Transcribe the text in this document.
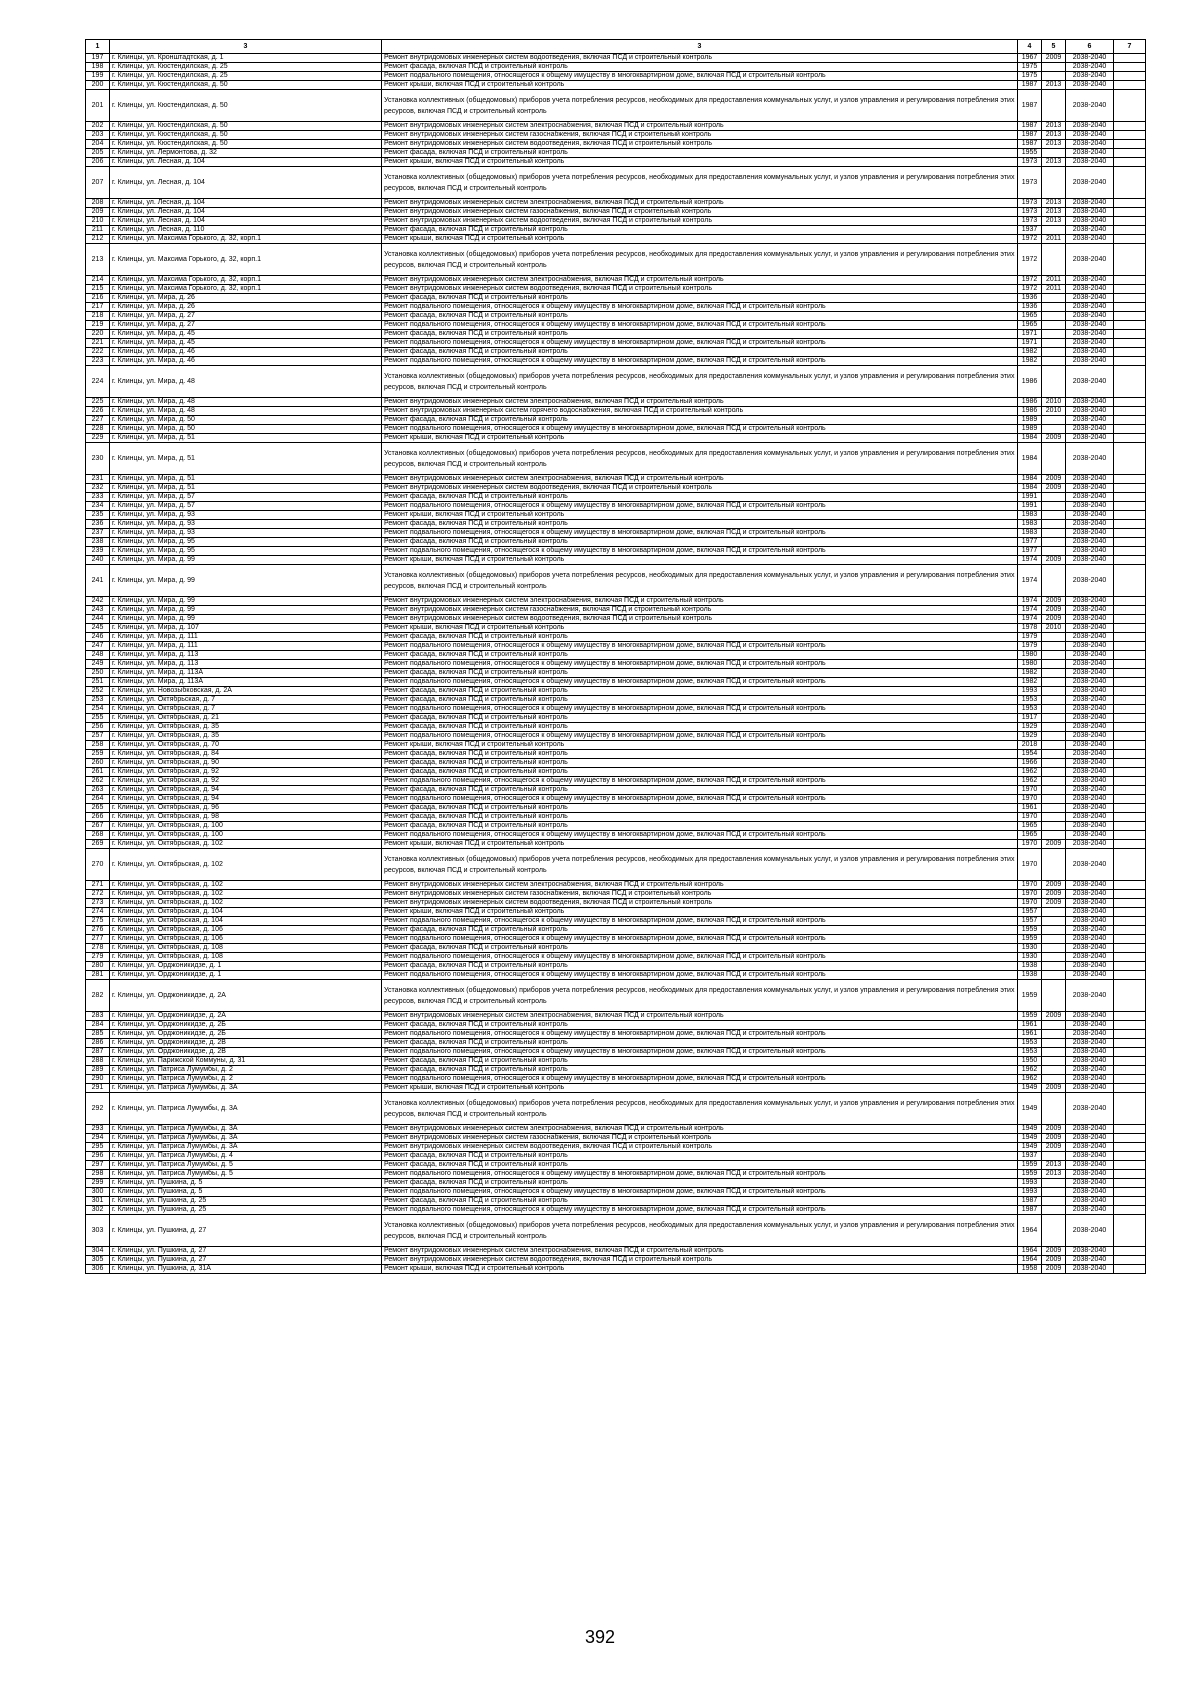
1	3	3	4	5	6	7
197	г. Клинцы, ул. Кронштадтская, д. 1	Ремонт внутридомовых инженерных систем водоотведения, включая ПСД и строительный контроль	1967	2009	2038-2040	
198	г. Клинцы, ул. Кюстендилская, д. 25	Ремонт фасада, включая ПСД и строительный контроль	1975		2038-2040	
199	г. Клинцы, ул. Кюстендилская, д. 25	Ремонт подвального помещения, относящегося к общему имуществу в многоквартирном доме, включая ПСД и строительный контроль	1975		2038-2040	
200	г. Клинцы, ул. Кюстендилская, д. 50	Ремонт крыши, включая ПСД и строительный контроль	1987	2013	2038-2040	
201	г. Клинцы, ул. Кюстендилская, д. 50	Установка коллективных (общедомовых) приборов учета потребления ресурсов, необходимых для предоставления коммунальных услуг, и узлов управления и регулирования потребления этих ресурсов, включая ПСД и строительный контроль	1987		2038-2040	
202	г. Клинцы, ул. Кюстендилская, д. 50	Ремонт внутридомовых инженерных систем электроснабжения, включая ПСД и строительный контроль	1987	2013	2038-2040	
203	г. Клинцы, ул. Кюстендилская, д. 50	Ремонт внутридомовых инженерных систем газоснабжения, включая ПСД и строительный контроль	1987	2013	2038-2040	
204	г. Клинцы, ул. Кюстендилская, д. 50	Ремонт внутридомовых инженерных систем водоотведения, включая ПСД и строительный контроль	1987	2013	2038-2040	
205	г. Клинцы, ул. Лермонтова, д. 32	Ремонт фасада, включая ПСД и строительный контроль	1955		2038-2040	
206	г. Клинцы, ул. Лесная, д. 104	Ремонт крыши, включая ПСД и строительный контроль	1973	2013	2038-2040	
207	г. Клинцы, ул. Лесная, д. 104	Установка коллективных (общедомовых) приборов учета потребления ресурсов, необходимых для предоставления коммунальных услуг, и узлов управления и регулирования потребления этих ресурсов, включая ПСД и строительный контроль	1973		2038-2040	
208	г. Клинцы, ул. Лесная, д. 104	Ремонт внутридомовых инженерных систем электроснабжения, включая ПСД и строительный контроль	1973	2013	2038-2040	
209	г. Клинцы, ул. Лесная, д. 104	Ремонт внутридомовых инженерных систем газоснабжения, включая ПСД и строительный контроль	1973	2013	2038-2040	
210	г. Клинцы, ул. Лесная, д. 104	Ремонт внутридомовых инженерных систем водоотведения, включая ПСД и строительный контроль	1973	2013	2038-2040	
211	г. Клинцы, ул. Лесная, д. 110	Ремонт фасада, включая ПСД и строительный контроль	1937		2038-2040	
212	г. Клинцы, ул. Максима Горького, д. 32, корп.1	Ремонт крыши, включая ПСД и строительный контроль	1972	2011	2038-2040	
213	г. Клинцы, ул. Максима Горького, д. 32, корп.1	Установка коллективных (общедомовых) приборов учета потребления ресурсов, необходимых для предоставления коммунальных услуг, и узлов управления и регулирования потребления этих ресурсов, включая ПСД и строительный контроль	1972		2038-2040	
214	г. Клинцы, ул. Максима Горького, д. 32, корп.1	Ремонт внутридомовых инженерных систем электроснабжения, включая ПСД и строительный контроль	1972	2011	2038-2040	
215	г. Клинцы, ул. Максима Горького, д. 32, корп.1	Ремонт внутридомовых инженерных систем водоотведения, включая ПСД и строительный контроль	1972	2011	2038-2040	
216	г. Клинцы, ул. Мира, д. 26	Ремонт фасада, включая ПСД и строительный контроль	1936		2038-2040	
217	г. Клинцы, ул. Мира, д. 26	Ремонт подвального помещения, относящегося к общему имуществу в многоквартирном доме, включая ПСД и строительный контроль	1936		2038-2040	
218	г. Клинцы, ул. Мира, д. 27	Ремонт фасада, включая ПСД и строительный контроль	1965		2038-2040	
219	г. Клинцы, ул. Мира, д. 27	Ремонт подвального помещения, относящегося к общему имуществу в многоквартирном доме, включая ПСД и строительный контроль	1965		2038-2040	
220	г. Клинцы, ул. Мира, д. 45	Ремонт фасада, включая ПСД и строительный контроль	1971		2038-2040	
221	г. Клинцы, ул. Мира, д. 45	Ремонт подвального помещения, относящегося к общему имуществу в многоквартирном доме, включая ПСД и строительный контроль	1971		2038-2040	
222	г. Клинцы, ул. Мира, д. 46	Ремонт фасада, включая ПСД и строительный контроль	1982		2038-2040	
223	г. Клинцы, ул. Мира, д. 46	Ремонт подвального помещения, относящегося к общему имуществу в многоквартирном доме, включая ПСД и строительный контроль	1982		2038-2040	
224	г. Клинцы, ул. Мира, д. 48	Установка коллективных (общедомовых) приборов учета потребления ресурсов, необходимых для предоставления коммунальных услуг, и узлов управления и регулирования потребления этих ресурсов, включая ПСД и строительный контроль	1986		2038-2040	
225	г. Клинцы, ул. Мира, д. 48	Ремонт внутридомовых инженерных систем электроснабжения, включая ПСД и строительный контроль	1986	2010	2038-2040	
226	г. Клинцы, ул. Мира, д. 48	Ремонт внутридомовых инженерных систем горячего водоснабжения, включая ПСД и строительный контроль	1986	2010	2038-2040	
227	г. Клинцы, ул. Мира, д. 50	Ремонт фасада, включая ПСД и строительный контроль	1989		2038-2040	
228	г. Клинцы, ул. Мира, д. 50	Ремонт подвального помещения, относящегося к общему имуществу в многоквартирном доме, включая ПСД и строительный контроль	1989		2038-2040	
229	г. Клинцы, ул. Мира, д. 51	Ремонт крыши, включая ПСД и строительный контроль	1984	2009	2038-2040	
230	г. Клинцы, ул. Мира, д. 51	Установка коллективных (общедомовых) приборов учета потребления ресурсов, необходимых для предоставления коммунальных услуг, и узлов управления и регулирования потребления этих ресурсов, включая ПСД и строительный контроль	1984		2038-2040	
231	г. Клинцы, ул. Мира, д. 51	Ремонт внутридомовых инженерных систем электроснабжения, включая ПСД и строительный контроль	1984	2009	2038-2040	
232	г. Клинцы, ул. Мира, д. 51	Ремонт внутридомовых инженерных систем водоотведения, включая ПСД и строительный контроль	1984	2009	2038-2040	
233	г. Клинцы, ул. Мира, д. 57	Ремонт фасада, включая ПСД и строительный контроль	1991		2038-2040	
234	г. Клинцы, ул. Мира, д. 57	Ремонт подвального помещения, относящегося к общему имуществу в многоквартирном доме, включая ПСД и строительный контроль	1991		2038-2040	
235	г. Клинцы, ул. Мира, д. 93	Ремонт крыши, включая ПСД и строительный контроль	1983		2038-2040	
236	г. Клинцы, ул. Мира, д. 93	Ремонт фасада, включая ПСД и строительный контроль	1983		2038-2040	
237	г. Клинцы, ул. Мира, д. 93	Ремонт подвального помещения, относящегося к общему имуществу в многоквартирном доме, включая ПСД и строительный контроль	1983		2038-2040	
238	г. Клинцы, ул. Мира, д. 95	Ремонт фасада, включая ПСД и строительный контроль	1977		2038-2040	
239	г. Клинцы, ул. Мира, д. 95	Ремонт подвального помещения, относящегося к общему имуществу в многоквартирном доме, включая ПСД и строительный контроль	1977		2038-2040	
240	г. Клинцы, ул. Мира, д. 99	Ремонт крыши, включая ПСД и строительный контроль	1974	2009	2038-2040	
241	г. Клинцы, ул. Мира, д. 99	Установка коллективных (общедомовых) приборов учета потребления ресурсов, необходимых для предоставления коммунальных услуг, и узлов управления и регулирования потребления этих ресурсов, включая ПСД и строительный контроль	1974		2038-2040	
242	г. Клинцы, ул. Мира, д. 99	Ремонт внутридомовых инженерных систем электроснабжения, включая ПСД и строительный контроль	1974	2009	2038-2040	
243	г. Клинцы, ул. Мира, д. 99	Ремонт внутридомовых инженерных систем газоснабжения, включая ПСД и строительный контроль	1974	2009	2038-2040	
244	г. Клинцы, ул. Мира, д. 99	Ремонт внутридомовых инженерных систем водоотведения, включая ПСД и строительный контроль	1974	2009	2038-2040	
245	г. Клинцы, ул. Мира, д. 107	Ремонт крыши, включая ПСД и строительный контроль	1978	2010	2038-2040	
246	г. Клинцы, ул. Мира, д. 111	Ремонт фасада, включая ПСД и строительный контроль	1979		2038-2040	
247	г. Клинцы, ул. Мира, д. 111	Ремонт подвального помещения, относящегося к общему имуществу в многоквартирном доме, включая ПСД и строительный контроль	1979		2038-2040	
248	г. Клинцы, ул. Мира, д. 113	Ремонт фасада, включая ПСД и строительный контроль	1980		2038-2040	
249	г. Клинцы, ул. Мира, д. 113	Ремонт подвального помещения, относящегося к общему имуществу в многоквартирном доме, включая ПСД и строительный контроль	1980		2038-2040	
250	г. Клинцы, ул. Мира, д. 113А	Ремонт фасада, включая ПСД и строительный контроль	1982		2038-2040	
251	г. Клинцы, ул. Мира, д. 113А	Ремонт подвального помещения, относящегося к общему имуществу в многоквартирном доме, включая ПСД и строительный контроль	1982		2038-2040	
252	г. Клинцы, ул. Новозыбковская, д. 2А	Ремонт фасада, включая ПСД и строительный контроль	1993		2038-2040	
253	г. Клинцы, ул. Октябрьская, д. 7	Ремонт фасада, включая ПСД и строительный контроль	1953		2038-2040	
254	г. Клинцы, ул. Октябрьская, д. 7	Ремонт подвального помещения, относящегося к общему имуществу в многоквартирном доме, включая ПСД и строительный контроль	1953		2038-2040	
255	г. Клинцы, ул. Октябрьская, д. 21	Ремонт фасада, включая ПСД и строительный контроль	1917		2038-2040	
256	г. Клинцы, ул. Октябрьская, д. 35	Ремонт фасада, включая ПСД и строительный контроль	1929		2038-2040	
257	г. Клинцы, ул. Октябрьская, д. 35	Ремонт подвального помещения, относящегося к общему имуществу в многоквартирном доме, включая ПСД и строительный контроль	1929		2038-2040	
258	г. Клинцы, ул. Октябрьская, д. 70	Ремонт крыши, включая ПСД и строительный контроль	2018		2038-2040	
259	г. Клинцы, ул. Октябрьская, д. 84	Ремонт фасада, включая ПСД и строительный контроль	1954		2038-2040	
260	г. Клинцы, ул. Октябрьская, д. 90	Ремонт фасада, включая ПСД и строительный контроль	1966		2038-2040	
261	г. Клинцы, ул. Октябрьская, д. 92	Ремонт фасада, включая ПСД и строительный контроль	1962		2038-2040	
262	г. Клинцы, ул. Октябрьская, д. 92	Ремонт подвального помещения, относящегося к общему имуществу в многоквартирном доме, включая ПСД и строительный контроль	1962		2038-2040	
263	г. Клинцы, ул. Октябрьская, д. 94	Ремонт фасада, включая ПСД и строительный контроль	1970		2038-2040	
264	г. Клинцы, ул. Октябрьская, д. 94	Ремонт подвального помещения, относящегося к общему имуществу в многоквартирном доме, включая ПСД и строительный контроль	1970		2038-2040	
265	г. Клинцы, ул. Октябрьская, д. 96	Ремонт фасада, включая ПСД и строительный контроль	1961		2038-2040	
266	г. Клинцы, ул. Октябрьская, д. 98	Ремонт фасада, включая ПСД и строительный контроль	1970		2038-2040	
267	г. Клинцы, ул. Октябрьская, д. 100	Ремонт фасада, включая ПСД и строительный контроль	1965		2038-2040	
268	г. Клинцы, ул. Октябрьская, д. 100	Ремонт подвального помещения, относящегося к общему имуществу в многоквартирном доме, включая ПСД и строительный контроль	1965		2038-2040	
269	г. Клинцы, ул. Октябрьская, д. 102	Ремонт крыши, включая ПСД и строительный контроль	1970	2009	2038-2040	
270	г. Клинцы, ул. Октябрьская, д. 102	Установка коллективных (общедомовых) приборов учета потребления ресурсов, необходимых для предоставления коммунальных услуг, и узлов управления и регулирования потребления этих ресурсов, включая ПСД и строительный контроль	1970		2038-2040	
271	г. Клинцы, ул. Октябрьская, д. 102	Ремонт внутридомовых инженерных систем электроснабжения, включая ПСД и строительный контроль	1970	2009	2038-2040	
272	г. Клинцы, ул. Октябрьская, д. 102	Ремонт внутридомовых инженерных систем газоснабжения, включая ПСД и строительный контроль	1970	2009	2038-2040	
273	г. Клинцы, ул. Октябрьская, д. 102	Ремонт внутридомовых инженерных систем водоотведения, включая ПСД и строительный контроль	1970	2009	2038-2040	
274	г. Клинцы, ул. Октябрьская, д. 104	Ремонт крыши, включая ПСД и строительный контроль	1957		2038-2040	
275	г. Клинцы, ул. Октябрьская, д. 104	Ремонт подвального помещения, относящегося к общему имуществу в многоквартирном доме, включая ПСД и строительный контроль	1957		2038-2040	
276	г. Клинцы, ул. Октябрьская, д. 106	Ремонт фасада, включая ПСД и строительный контроль	1959		2038-2040	
277	г. Клинцы, ул. Октябрьская, д. 106	Ремонт подвального помещения, относящегося к общему имуществу в многоквартирном доме, включая ПСД и строительный контроль	1959		2038-2040	
278	г. Клинцы, ул. Октябрьская, д. 108	Ремонт фасада, включая ПСД и строительный контроль	1930		2038-2040	
279	г. Клинцы, ул. Октябрьская, д. 108	Ремонт подвального помещения, относящегося к общему имуществу в многоквартирном доме, включая ПСД и строительный контроль	1930		2038-2040	
280	г. Клинцы, ул. Орджоникидзе, д. 1	Ремонт фасада, включая ПСД и строительный контроль	1938		2038-2040	
281	г. Клинцы, ул. Орджоникидзе, д. 1	Ремонт подвального помещения, относящегося к общему имуществу в многоквартирном доме, включая ПСД и строительный контроль	1938		2038-2040	
282	г. Клинцы, ул. Орджоникидзе, д. 2А	Установка коллективных (общедомовых) приборов учета потребления ресурсов, необходимых для предоставления коммунальных услуг, и узлов управления и регулирования потребления этих ресурсов, включая ПСД и строительный контроль	1959		2038-2040	
283	г. Клинцы, ул. Орджоникидзе, д. 2А	Ремонт внутридомовых инженерных систем электроснабжения, включая ПСД и строительный контроль	1959	2009	2038-2040	
284	г. Клинцы, ул. Орджоникидзе, д. 2Б	Ремонт фасада, включая ПСД и строительный контроль	1961		2038-2040	
285	г. Клинцы, ул. Орджоникидзе, д. 2Б	Ремонт подвального помещения, относящегося к общему имуществу в многоквартирном доме, включая ПСД и строительный контроль	1961		2038-2040	
286	г. Клинцы, ул. Орджоникидзе, д. 2В	Ремонт фасада, включая ПСД и строительный контроль	1953		2038-2040	
287	г. Клинцы, ул. Орджоникидзе, д. 2В	Ремонт подвального помещения, относящегося к общему имуществу в многоквартирном доме, включая ПСД и строительный контроль	1953		2038-2040	
288	г. Клинцы, ул. Парижской Коммуны, д. 31	Ремонт фасада, включая ПСД и строительный контроль	1950		2038-2040	
289	г. Клинцы, ул. Патриса Лумумбы, д. 2	Ремонт фасада, включая ПСД и строительный контроль	1962		2038-2040	
290	г. Клинцы, ул. Патриса Лумумбы, д. 2	Ремонт подвального помещения, относящегося к общему имуществу в многоквартирном доме, включая ПСД и строительный контроль	1962		2038-2040	
291	г. Клинцы, ул. Патриса Лумумбы, д. 3А	Ремонт крыши, включая ПСД и строительный контроль	1949	2009	2038-2040	
292	г. Клинцы, ул. Патриса Лумумбы, д. 3А	Установка коллективных (общедомовых) приборов учета потребления ресурсов, необходимых для предоставления коммунальных услуг, и узлов управления и регулирования потребления этих ресурсов, включая ПСД и строительный контроль	1949		2038-2040	
293	г. Клинцы, ул. Патриса Лумумбы, д. 3А	Ремонт внутридомовых инженерных систем электроснабжения, включая ПСД и строительный контроль	1949	2009	2038-2040	
294	г. Клинцы, ул. Патриса Лумумбы, д. 3А	Ремонт внутридомовых инженерных систем газоснабжения, включая ПСД и строительный контроль	1949	2009	2038-2040	
295	г. Клинцы, ул. Патриса Лумумбы, д. 3А	Ремонт внутридомовых инженерных систем водоотведения, включая ПСД и строительный контроль	1949	2009	2038-2040	
296	г. Клинцы, ул. Патриса Лумумбы, д. 4	Ремонт фасада, включая ПСД и строительный контроль	1937		2038-2040	
297	г. Клинцы, ул. Патриса Лумумбы, д. 5	Ремонт фасада, включая ПСД и строительный контроль	1959	2013	2038-2040	
298	г. Клинцы, ул. Патриса Лумумбы, д. 5	Ремонт подвального помещения, относящегося к общему имуществу в многоквартирном доме, включая ПСД и строительный контроль	1959	2013	2038-2040	
299	г. Клинцы, ул. Пушкина, д. 5	Ремонт фасада, включая ПСД и строительный контроль	1993		2038-2040	
300	г. Клинцы, ул. Пушкина, д. 5	Ремонт подвального помещения, относящегося к общему имуществу в многоквартирном доме, включая ПСД и строительный контроль	1993		2038-2040	
301	г. Клинцы, ул. Пушкина, д. 25	Ремонт фасада, включая ПСД и строительный контроль	1987		2038-2040	
302	г. Клинцы, ул. Пушкина, д. 25	Ремонт подвального помещения, относящегося к общему имуществу в многоквартирном доме, включая ПСД и строительный контроль	1987		2038-2040	
303	г. Клинцы, ул. Пушкина, д. 27	Установка коллективных (общедомовых) приборов учета потребления ресурсов, необходимых для предоставления коммунальных услуг, и узлов управления и регулирования потребления этих ресурсов, включая ПСД и строительный контроль	1964		2038-2040	
304	г. Клинцы, ул. Пушкина, д. 27	Ремонт внутридомовых инженерных систем электроснабжения, включая ПСД и строительный контроль	1964	2009	2038-2040	
305	г. Клинцы, ул. Пушкина, д. 27	Ремонт внутридомовых инженерных систем водоотведения, включая ПСД и строительный контроль	1964	2009	2038-2040	
306	г. Клинцы, ул. Пушкина, д. 31А	Ремонт крыши, включая ПСД и строительный контроль	1958	2009	2038-2040	
392
